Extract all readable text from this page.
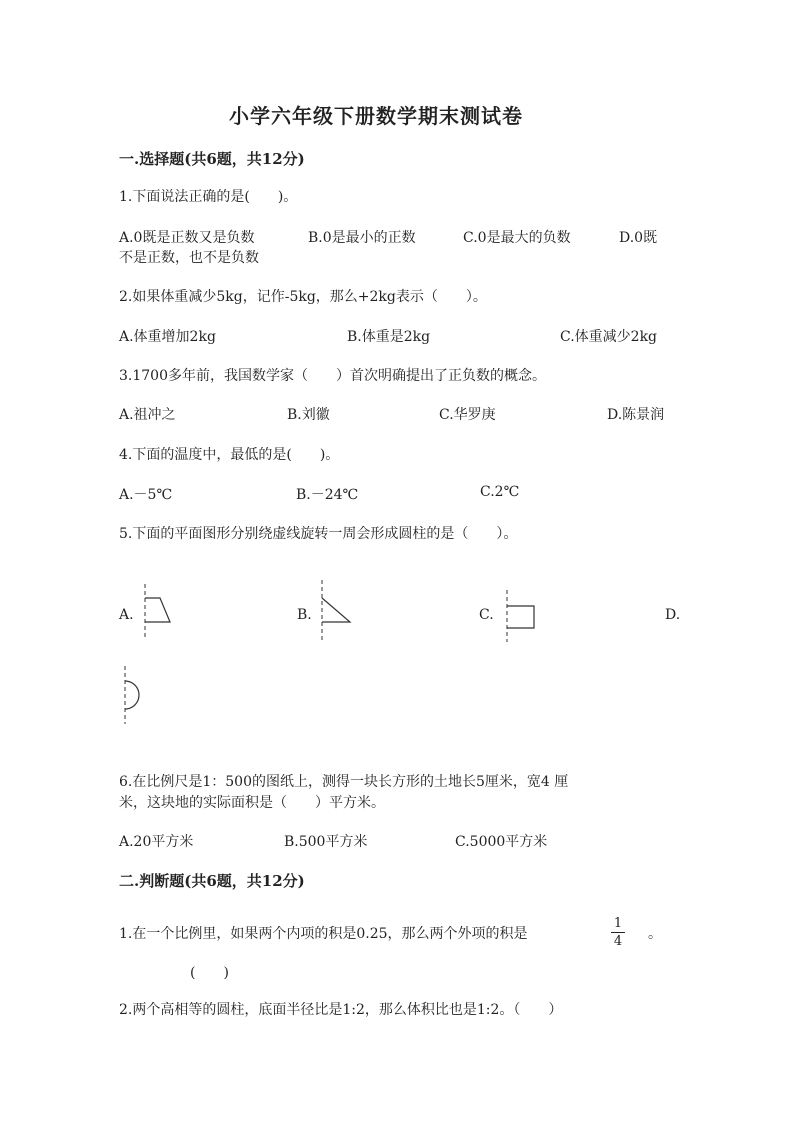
小学六年级下册数学期末测试卷
一.选择题(共6题，共12分)
1.下面说法正确的是(　　)。
A.0既是正数又是负数	B.0是最小的正数	C.0是最大的负数	D.0既
不是正数，也不是负数
2.如果体重减少5kg，记作-5kg，那么+2kg表示（　　）。
A.体重增加2kg	B.体重是2kg	C.体重减少2kg
3.1700多年前，我国数学家（　　）首次明确提出了正负数的概念。
A.祖冲之	B.刘徽	C.华罗庚	D.陈景润
4.下面的温度中，最低的是(　　)。
A.－5℃	B.－24℃	C.2℃
5.下面的平面图形分别绕虚线旋转一周会形成圆柱的是（　　）。
A.	B.	C.	D.
6.在比例尺是1：500的图纸上，测得一块长方形的土地长5厘米，宽4 厘
米，这块地的实际面积是（　　）平方米。
A.20平方米	B.500平方米	C.5000平方米
二.判断题(共6题，共12分)
1.在一个比例里，如果两个内项的积是0.25，那么两个外项的积是
1
4 。
(　　)
2.两个高相等的圆柱，底面半径比是1:2，那么体积比也是1:2。（　　）
